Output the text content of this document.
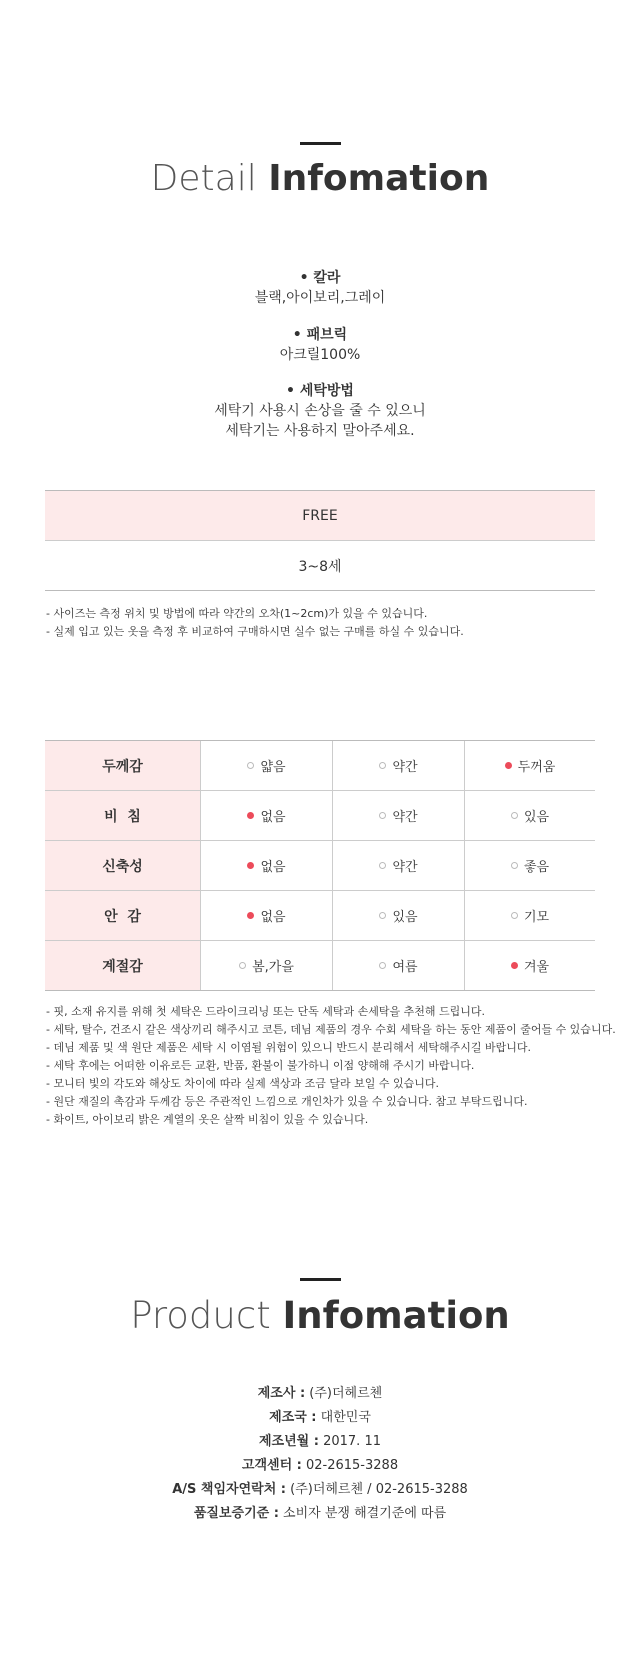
Detail Infomation
• 칼라
블랙,아이보리,그레이
• 패브릭
아크릴100%
• 세탁방법
세탁기 사용시 손상을 줄 수 있으니
세탁기는 사용하지 말아주세요.
FREE
3~8세
- 사이즈는 측정 위치 및 방법에 따라 약간의 오차(1~2cm)가 있을 수 있습니다.
- 실제 입고 있는 옷을 측정 후 비교하여 구매하시면 실수 없는 구매를 하실 수 있습니다.
두께감	얇음	약간	두꺼움
비  침	없음	약간	있음
신축성	없음	약간	좋음
안  감	없음	있음	기모
계절감	봄,가을	여름	겨울
- 핏, 소재 유지를 위해 첫 세탁은 드라이크리닝 또는 단독 세탁과 손세탁을 추천해 드립니다.
- 세탁, 탈수, 건조시 같은 색상끼리 해주시고 코튼, 데님 제품의 경우 수회 세탁을 하는 동안 제품이 줄어들 수 있습니다.
- 데님 제품 및 색 원단 제품은 세탁 시 이염될 위험이 있으니 반드시 분리해서 세탁해주시길 바랍니다.
- 세탁 후에는 어떠한 이유로든 교환, 반품, 환불이 불가하니 이점 양해해 주시기 바랍니다.
- 모니터 빛의 각도와 해상도 차이에 따라 실제 색상과 조금 달라 보일 수 있습니다.
- 원단 재질의 촉감과 두께감 등은 주관적인 느낌으로 개인차가 있을 수 있습니다. 참고 부탁드립니다.
- 화이트, 아이보리 밝은 계열의 옷은 살짝 비침이 있을 수 있습니다.
Product Infomation
제조사 : (주)더헤르첸
제조국 : 대한민국
제조년월 : 2017. 11
고객센터 : 02-2615-3288
A/S 책임자연락처 : (주)더헤르첸 / 02-2615-3288
품질보증기준 : 소비자 분쟁 해결기준에 따름
